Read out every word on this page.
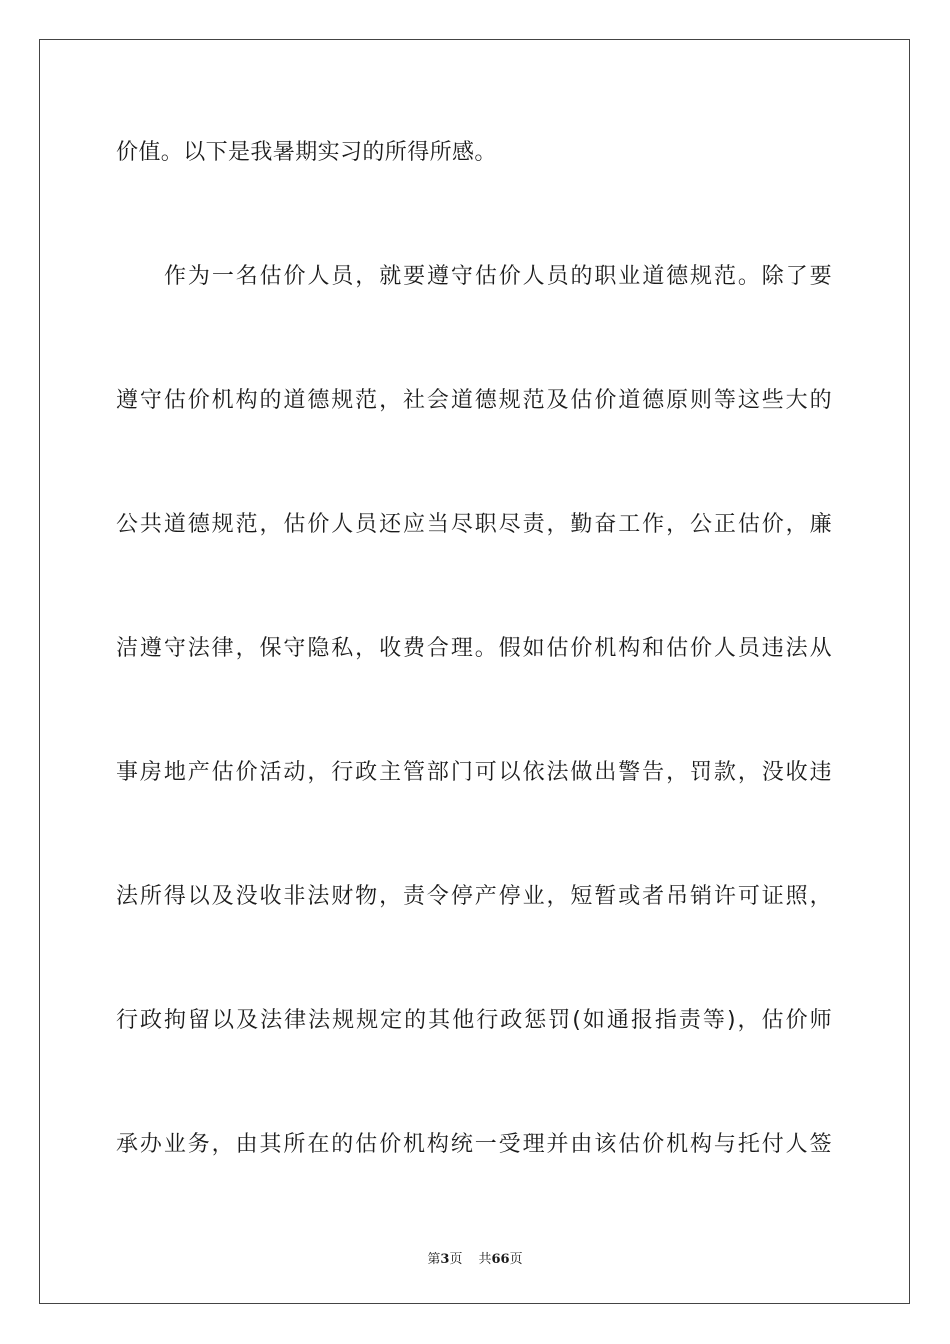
价值。以下是我暑期实习的所得所感。
作为一名估价人员，就要遵守估价人员的职业道德规范。除了要
遵守估价机构的道德规范，社会道德规范及估价道德原则等这些大的
公共道德规范，估价人员还应当尽职尽责，勤奋工作，公正估价，廉
洁遵守法律，保守隐私，收费合理。假如估价机构和估价人员违法从
事房地产估价活动，行政主管部门可以依法做出警告，罚款，没收违
法所得以及没收非法财物，责令停产停业，短暂或者吊销许可证照，
行政拘留以及法律法规规定的其他行政惩罚(如通报指责等)，估价师
承办业务，由其所在的估价机构统一受理并由该估价机构与托付人签
第3页 共66页
